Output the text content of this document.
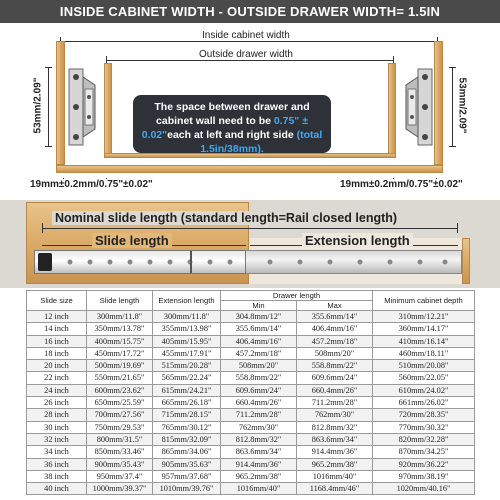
INSIDE CABINET WIDTH - OUTSIDE DRAWER WIDTH= 1.5IN
Inside cabinet width
Outside drawer width
53mm/2.09"	53mm/2.09"
The space between drawer and cabinet wall need to be 0.75" ± 0.02"each at left and right side (total 1.5in/38mm).
19mm±0.2mm/0.75"±0.02"	19mm±0.2mm/0.75"±0.02"
Nominal slide length (standard length=Rail closed length)
Slide length	Extension length
Slide size	Slide length	Extension length	Drawer length		Minimum cabinet depth
			Min	Max	
12 inch	300mm/11.8"	300mm/11.8"	304.8mm/12"	355.6mm/14"	310mm/12.21"
14 inch	350mm/13.78"	355mm/13.98"	355.6mm/14"	406.4mm/16"	360mm/14.17"
16 inch	400mm/15.75"	405mm/15.95"	406.4mm/16"	457.2mm/18"	410mm/16.14"
18 inch	450mm/17.72"	455mm/17.91"	457.2mm/18"	508mm/20"	460mm/18.11"
20 inch	500mm/19.69"	515mm/20.28"	508mm/20"	558.8mm/22"	510mm/20.08"
22 inch	550mm/21.65"	565mm/22.24"	558.8mm/22"	609.6mm/24"	560mm/22.05"
24 inch	600mm/23.62"	615mm/24.21"	609.6mm/24"	660.4mm/26"	610mm/24.02"
26 inch	650mm/25.59"	665mm/26.18"	660.4mm/26"	711.2mm/28"	661mm/26.02"
28 inch	700mm/27.56"	715mm/28.15"	711.2mm/28"	762mm/30"	720mm/28.35"
30 inch	750mm/29.53"	765mm/30.12"	762mm/30"	812.8mm/32"	770mm/30.32"
32 inch	800mm/31.5"	815mm/32.09"	812.8mm/32"	863.6mm/34"	820mm/32.28"
34 inch	850mm/33.46"	865mm/34.06"	863.6mm/34"	914.4mm/36"	870mm/34.25"
36 inch	900mm/35.43"	905mm/35.63"	914.4mm/36"	965.2mm/38"	920mm/36.22"
38 inch	950mm/37.4"	957mm/37.68"	965.2mm/38"	1016mm/40"	970mm/38.19"
40 inch	1000mm/39.37"	1010mm/39.76"	1016mm/40"	1168.4mm/46"	1020mm/40.16"
